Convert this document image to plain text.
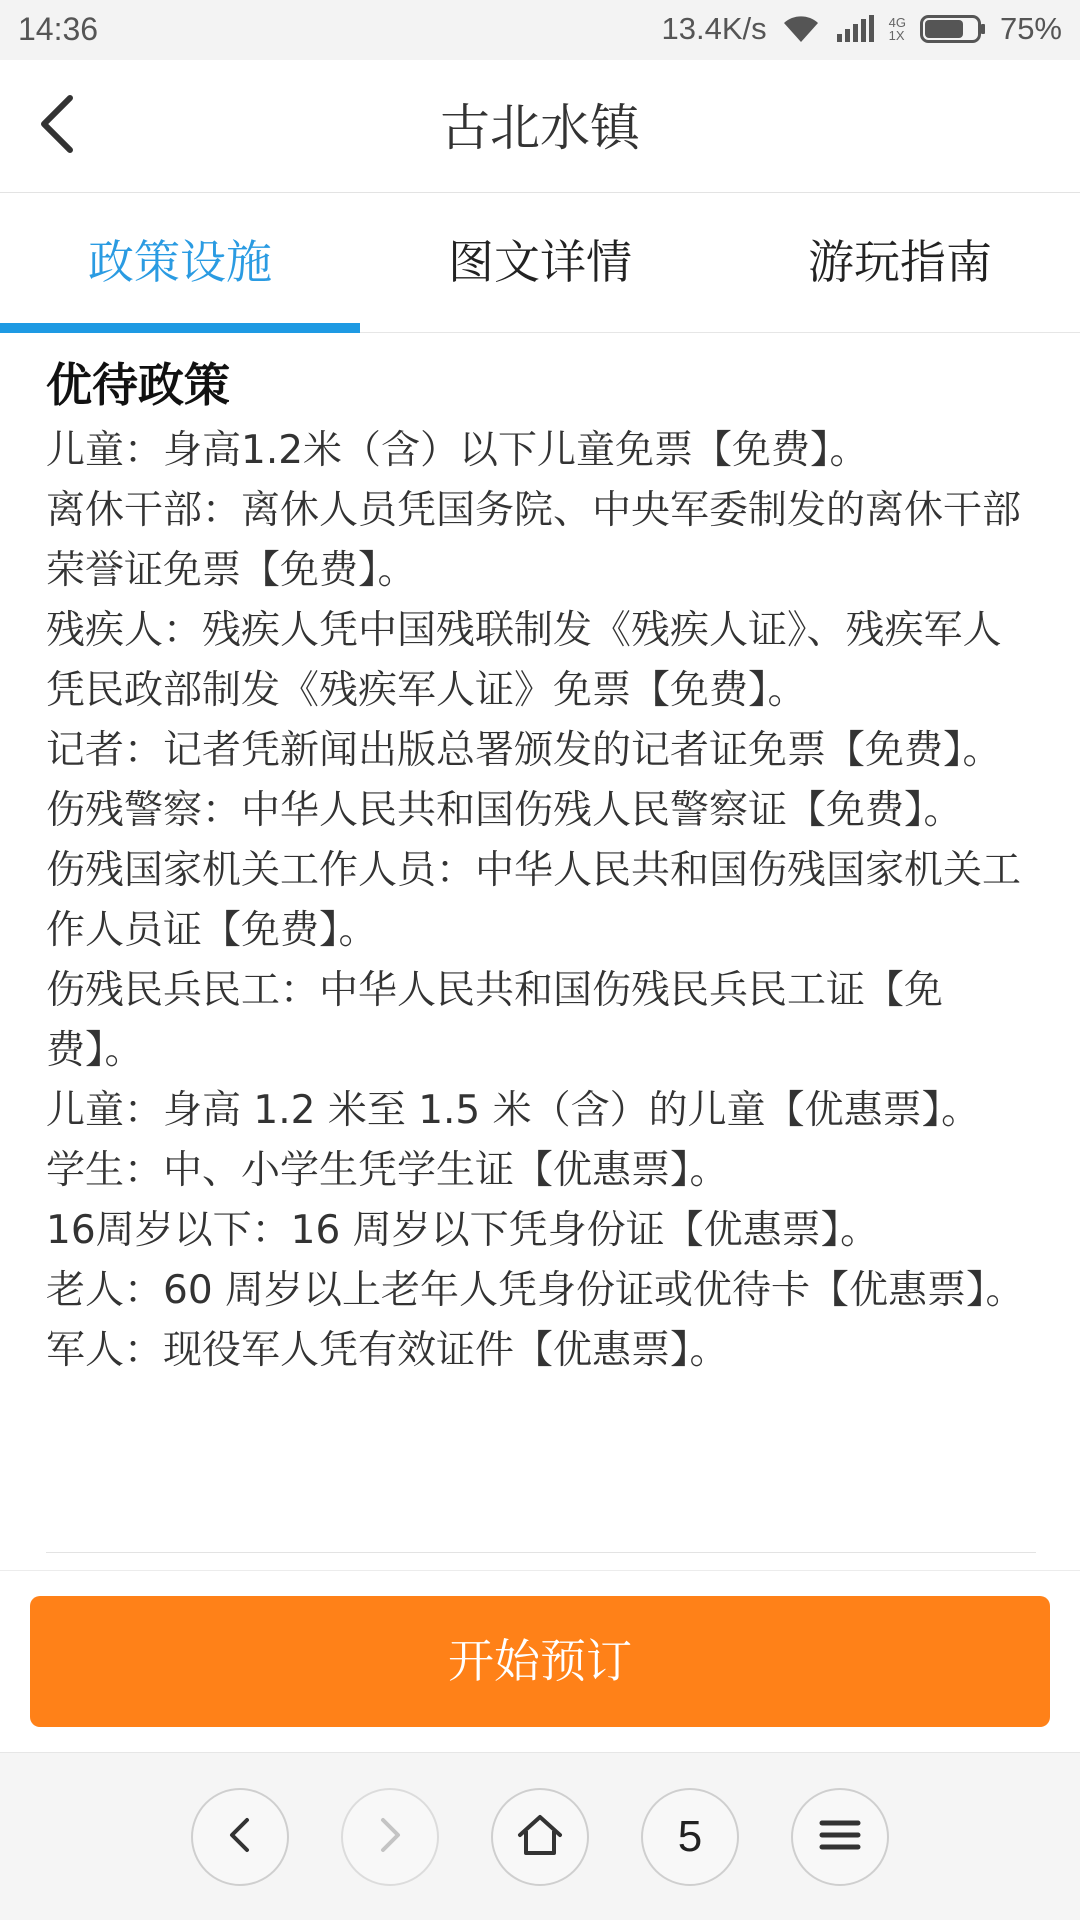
14:36	13.4K/s	4G
1X	75%
古北水镇
政策设施	图文详情	游玩指南
优待政策
儿童：身高1.2米（含）以下儿童免票【免费】。
离休干部：离休人员凭国务院、中央军委制发的离休干部荣誉证免票【免费】。
残疾人：残疾人凭中国残联制发《残疾人证》、残疾军人凭民政部制发《残疾军人证》免票【免费】。
记者：记者凭新闻出版总署颁发的记者证免票【免费】。
伤残警察：中华人民共和国伤残人民警察证【免费】。
伤残国家机关工作人员：中华人民共和国伤残国家机关工作人员证【免费】。
伤残民兵民工：中华人民共和国伤残民兵民工证【免费】。
儿童：身高 1.2 米至 1.5 米（含）的儿童【优惠票】。
学生：中、小学生凭学生证【优惠票】。
16周岁以下：16 周岁以下凭身份证【优惠票】。
老人：60 周岁以上老年人凭身份证或优待卡【优惠票】。
军人：现役军人凭有效证件【优惠票】。
开始预订
5
